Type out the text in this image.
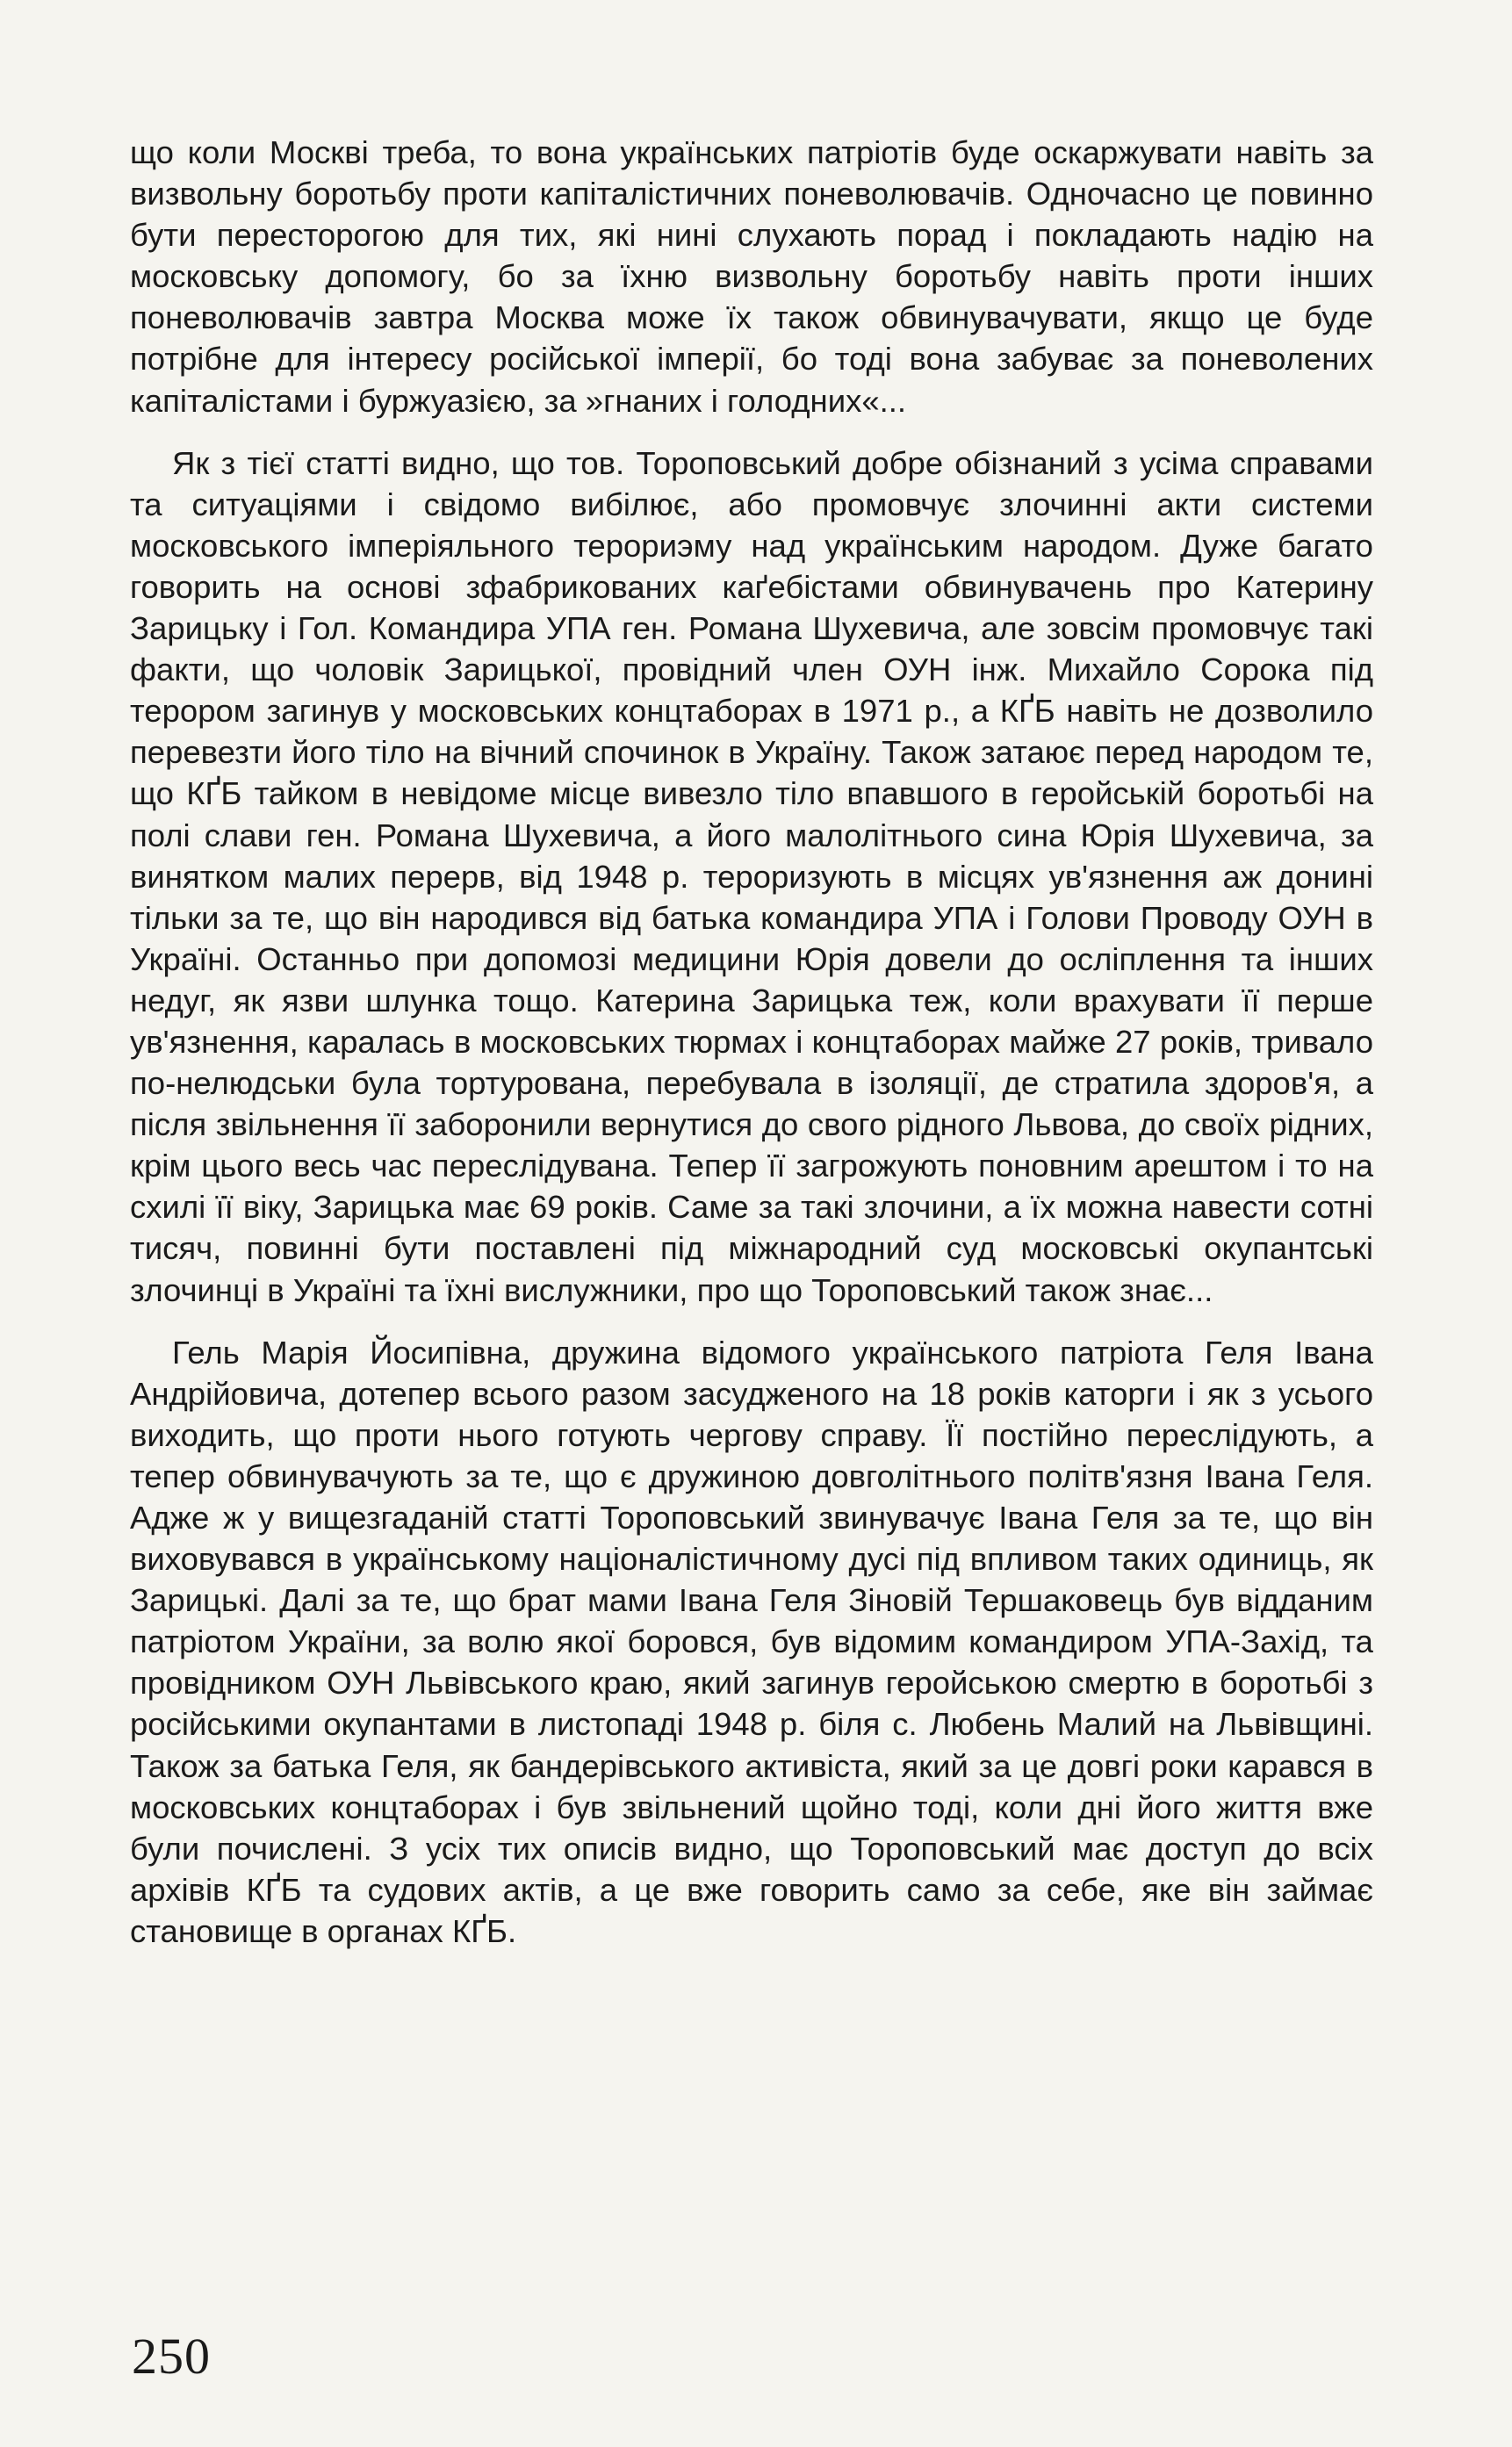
що коли Москві треба, то вона українських патріотів буде оскаржувати навіть за визвольну боротьбу проти капіталістичних поневолювачів. Одночасно це повинно бути пересторогою для тих, які нині слухають порад і покладають надію на московську допомогу, бо за їхню визвольну боротьбу навіть проти інших поневолювачів завтра Москва може їх також обвинувачувати, якщо це буде потрібне для інтересу російської імперії, бо тоді вона забуває за поневолених капіталістами і буржуазією, за »гнаних і голодних«...

Як з тієї статті видно, що тов. Тороповський добре обізнаний з усіма справами та ситуаціями і свідомо вибілює, або промовчує злочинні акти системи московського імперіяльного терориэму над українським народом. Дуже багато говорить на основі зфабрикованих каґебістами обвинувачень про Катерину Зарицьку і Гол. Командира УПА ген. Романа Шухевича, але зовсім промовчує такі факти, що чоловік Зарицької, провідний член ОУН інж. Михайло Сорока під терором загинув у московських концтаборах в 1971 р., а КҐБ навіть не дозволило перевезти його тіло на вічний спочинок в Україну. Також затаює перед народом те, що КҐБ тайком в невідоме місце вивезло тіло впавшого в геройській боротьбі на полі слави ген. Романа Шухевича, а його малолітнього сина Юрія Шухевича, за винятком малих перерв, від 1948 р. тероризують в місцях ув'язнення аж донині тільки за те, що він народився від батька командира УПА і Голови Проводу ОУН в Україні. Останньо при допомозі медицини Юрія довели до осліплення та інших недуг, як язви шлунка тощо. Катерина Зарицька теж, коли врахувати її перше ув'язнення, каралась в московських тюрмах і концтаборах майже 27 років, тривало по-нелюдськи була тортурована, перебувала в ізоляції, де стратила здоров'я, а після звільнення її заборонили вернутися до свого рідного Львова, до своїх рідних, крім цього весь час переслідувана. Тепер її загрожують поновним арештом і то на схилі її віку, Зарицька має 69 років. Саме за такі злочини, а їх можна навести сотні тисяч, повинні бути поставлені під міжнародний суд московські окупантські злочинці в Україні та їхні вислужники, про що Тороповський також знає...

Гель Марія Йосипівна, дружина відомого українського патріота Геля Івана Андрійовича, дотепер всього разом засудженого на 18 років каторги і як з усього виходить, що проти нього готують чергову справу. Її постійно переслідують, а тепер обвинувачують за те, що є дружиною довголітнього політв'язня Івана Геля. Адже ж у вищезгаданій статті Тороповський звинувачує Івана Геля за те, що він виховувався в українському націоналістичному дусі під впливом таких одиниць, як Зарицькі. Далі за те, що брат мами Івана Геля Зіновій Тершаковець був відданим патріотом України, за волю якої боровся, був відомим командиром УПА-Захід, та провідником ОУН Львівського краю, який загинув геройською смертю в боротьбі з російськими окупантами в листопаді 1948 р. біля с. Любень Малий на Львівщині. Також за батька Геля, як бандерівського активіста, який за це довгі роки карався в московських концтаборах і був звільнений щойно тоді, коли дні його життя вже були почислені. З усіх тих описів видно, що Тороповський має доступ до всіх архівів КҐБ та судових актів, а це вже говорить само за себе, яке він займає становище в органах КҐБ.

250
